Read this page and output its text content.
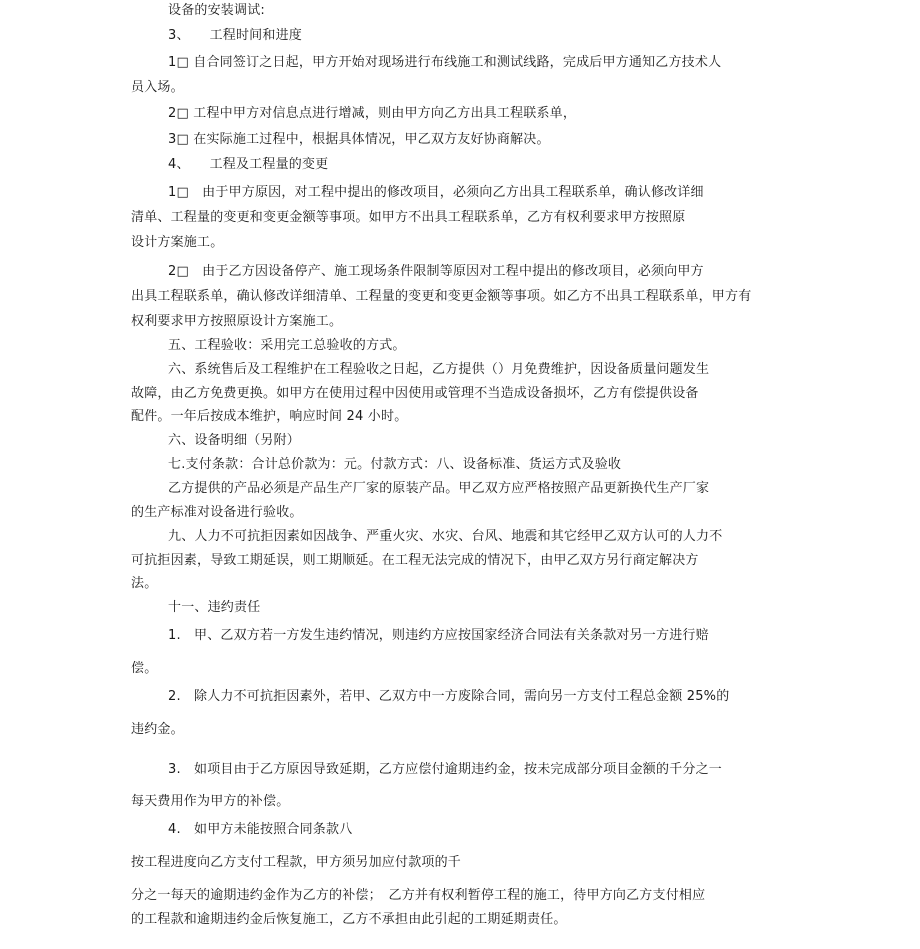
设备的安装调试:
3、　　工程时间和进度
1□ 自合同签订之日起，甲方开始对现场进行布线施工和测试线路，完成后甲方通知乙方技术人
员入场。
2□ 工程中甲方对信息点进行增减，则由甲方向乙方出具工程联系单，
3□ 在实际施工过程中，根据具体情况，甲乙双方友好协商解决。
4、　　工程及工程量的变更
1□　由于甲方原因，对工程中提出的修改项目，必须向乙方出具工程联系单，确认修改详细
清单、工程量的变更和变更金额等事项。如甲方不出具工程联系单，乙方有权利要求甲方按照原
设计方案施工。
2□　由于乙方因设备停产、施工现场条件限制等原因对工程中提出的修改项目，必须向甲方
出具工程联系单，确认修改详细清单、工程量的变更和变更金额等事项。如乙方不出具工程联系单，甲方有
权利要求甲方按照原设计方案施工。
五、工程验收：采用完工总验收的方式。
六、系统售后及工程维护在工程验收之日起，乙方提供（）月免费维护，因设备质量问题发生
故障，由乙方免费更换。如甲方在使用过程中因使用或管理不当造成设备损坏，乙方有偿提供设备
配件。一年后按成本维护，响应时间 24 小时。
六、设备明细（另附）
七.支付条款：合计总价款为：元。付款方式：八、设备标准、货运方式及验收
乙方提供的产品必须是产品生产厂家的原装产品。甲乙双方应严格按照产品更新换代生产厂家
的生产标准对设备进行验收。
九、人力不可抗拒因素如因战争、严重火灾、水灾、台风、地震和其它经甲乙双方认可的人力不
可抗拒因素，导致工期延误，则工期顺延。在工程无法完成的情况下，由甲乙双方另行商定解决方
法。
十一、违约责任
1.　甲、乙双方若一方发生违约情况，则违约方应按国家经济合同法有关条款对另一方进行赔
偿。
2.　除人力不可抗拒因素外，若甲、乙双方中一方废除合同，需向另一方支付工程总金额 25%的
违约金。
3.　如项目由于乙方原因导致延期，乙方应偿付逾期违约金，按未完成部分项目金额的千分之一
每天费用作为甲方的补偿。
4.　如甲方未能按照合同条款八
按工程进度向乙方支付工程款，甲方须另加应付款项的千
分之一每天的逾期违约金作为乙方的补偿；　乙方并有权利暂停工程的施工，待甲方向乙方支付相应
的工程款和逾期违约金后恢复施工，乙方不承担由此引起的工期延期责任。
